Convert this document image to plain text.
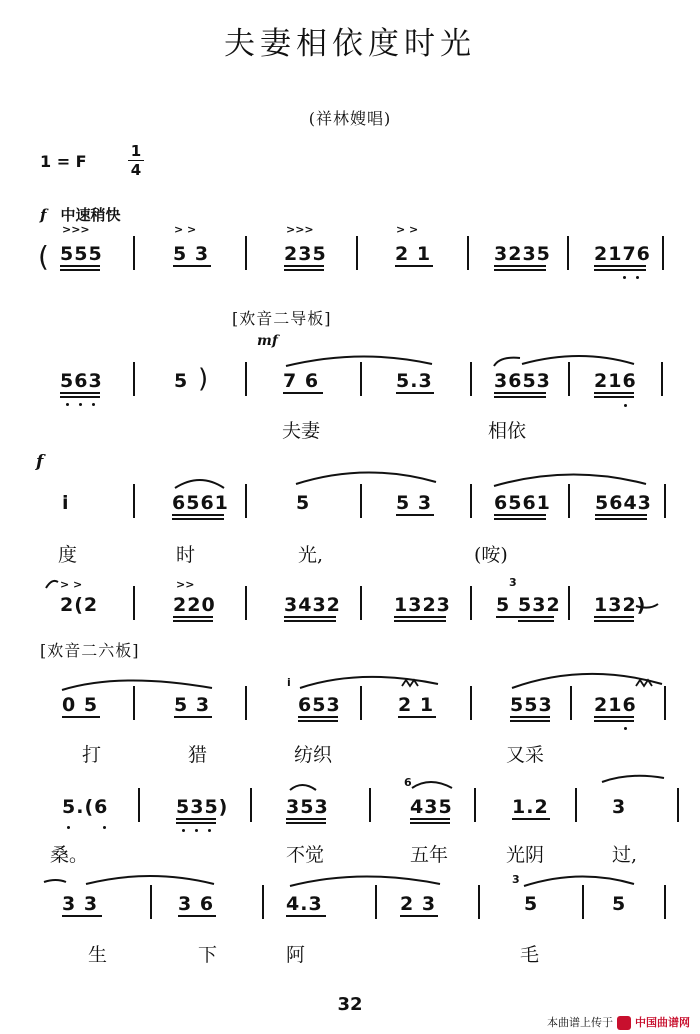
夫妻相依度时光
(祥林嫂唱)
1 = F
1
4
f 中速稍快
>>>	> >	>>>	> >
( 555	5 3	235	2 1	3235 2176
[欢音二导板]
mf
563	5 )	7 6	5.3	3653 216
夫妻	相依
f
i	6561	5	5 3	6561 5643
度	时	光,	(咹)
> >	>>
2(2	220	3432	1323
3
5 532 132)
[欢音二六板]
0 5	5 3
i
653	2 1	553 216
打	猎	纺织	又采
5.(6	535)	353
6
435	1.2	3
桑。	不觉	五年	光阴	过,
3 3	3 6	4.3	2 3
3
5	5
生	下	阿	毛
32
本曲谱上传于 中国曲谱网
